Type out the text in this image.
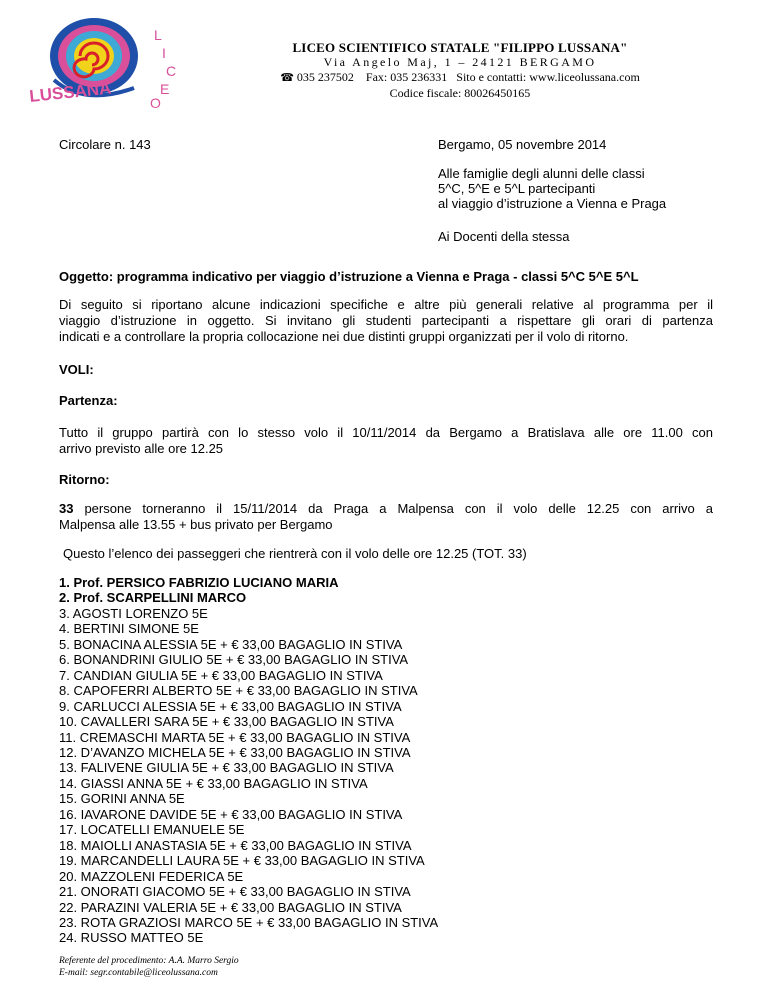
LUSSANA
L
I
C
E
O
LICEO SCIENTIFICO STATALE "FILIPPO LUSSANA"
Via Angelo Maj, 1 – 24121 BERGAMO
☎ 035 237502 Fax: 035 236331 Sito e contatti: www.liceolussana.com
Codice fiscale: 80026450165
Circolare n. 143	Bergamo, 05 novembre 2014
Alle famiglie degli alunni delle classi
5^C, 5^E e 5^L partecipanti
al viaggio d’istruzione a Vienna e Praga
Ai Docenti della stessa
Oggetto: programma indicativo per viaggio d’istruzione a Vienna e Praga - classi 5^C 5^E 5^L
Di seguito si riportano alcune indicazioni specifiche e altre più generali relative al programma per il
viaggio d’istruzione in oggetto. Si invitano gli studenti partecipanti a rispettare gli orari di partenza
indicati e a controllare la propria collocazione nei due distinti gruppi organizzati per il volo di ritorno.
VOLI:
Partenza:
Tutto il gruppo partirà con lo stesso volo il 10/11/2014 da Bergamo a Bratislava alle ore 11.00 con
arrivo previsto alle ore 12.25
Ritorno:
33 persone torneranno il 15/11/2014 da Praga a Malpensa con il volo delle 12.25 con arrivo a
Malpensa alle 13.55 + bus privato per Bergamo
Questo l’elenco dei passeggeri che rientrerà con il volo delle ore 12.25 (TOT. 33)
1. Prof. PERSICO FABRIZIO LUCIANO MARIA
2. Prof. SCARPELLINI MARCO
3. AGOSTI LORENZO 5E
4. BERTINI SIMONE 5E
5. BONACINA ALESSIA 5E + € 33,00 BAGAGLIO IN STIVA
6. BONANDRINI GIULIO 5E + € 33,00 BAGAGLIO IN STIVA
7. CANDIAN GIULIA 5E + € 33,00 BAGAGLIO IN STIVA
8. CAPOFERRI ALBERTO 5E + € 33,00 BAGAGLIO IN STIVA
9. CARLUCCI ALESSIA 5E + € 33,00 BAGAGLIO IN STIVA
10. CAVALLERI SARA 5E + € 33,00 BAGAGLIO IN STIVA
11. CREMASCHI MARTA 5E + € 33,00 BAGAGLIO IN STIVA
12. D’AVANZO MICHELA 5E + € 33,00 BAGAGLIO IN STIVA
13. FALIVENE GIULIA 5E + € 33,00 BAGAGLIO IN STIVA
14. GIASSI ANNA 5E + € 33,00 BAGAGLIO IN STIVA
15. GORINI ANNA 5E
16. IAVARONE DAVIDE 5E + € 33,00 BAGAGLIO IN STIVA
17. LOCATELLI EMANUELE 5E
18. MAIOLLI ANASTASIA 5E + € 33,00 BAGAGLIO IN STIVA
19. MARCANDELLI LAURA 5E + € 33,00 BAGAGLIO IN STIVA
20. MAZZOLENI FEDERICA 5E
21. ONORATI GIACOMO 5E + € 33,00 BAGAGLIO IN STIVA
22. PARAZINI VALERIA 5E + € 33,00 BAGAGLIO IN STIVA
23. ROTA GRAZIOSI MARCO 5E + € 33,00 BAGAGLIO IN STIVA
24. RUSSO MATTEO 5E
Referente del procedimento: A.A. Marro Sergio
E-mail: segr.contabile@liceolussana.com
